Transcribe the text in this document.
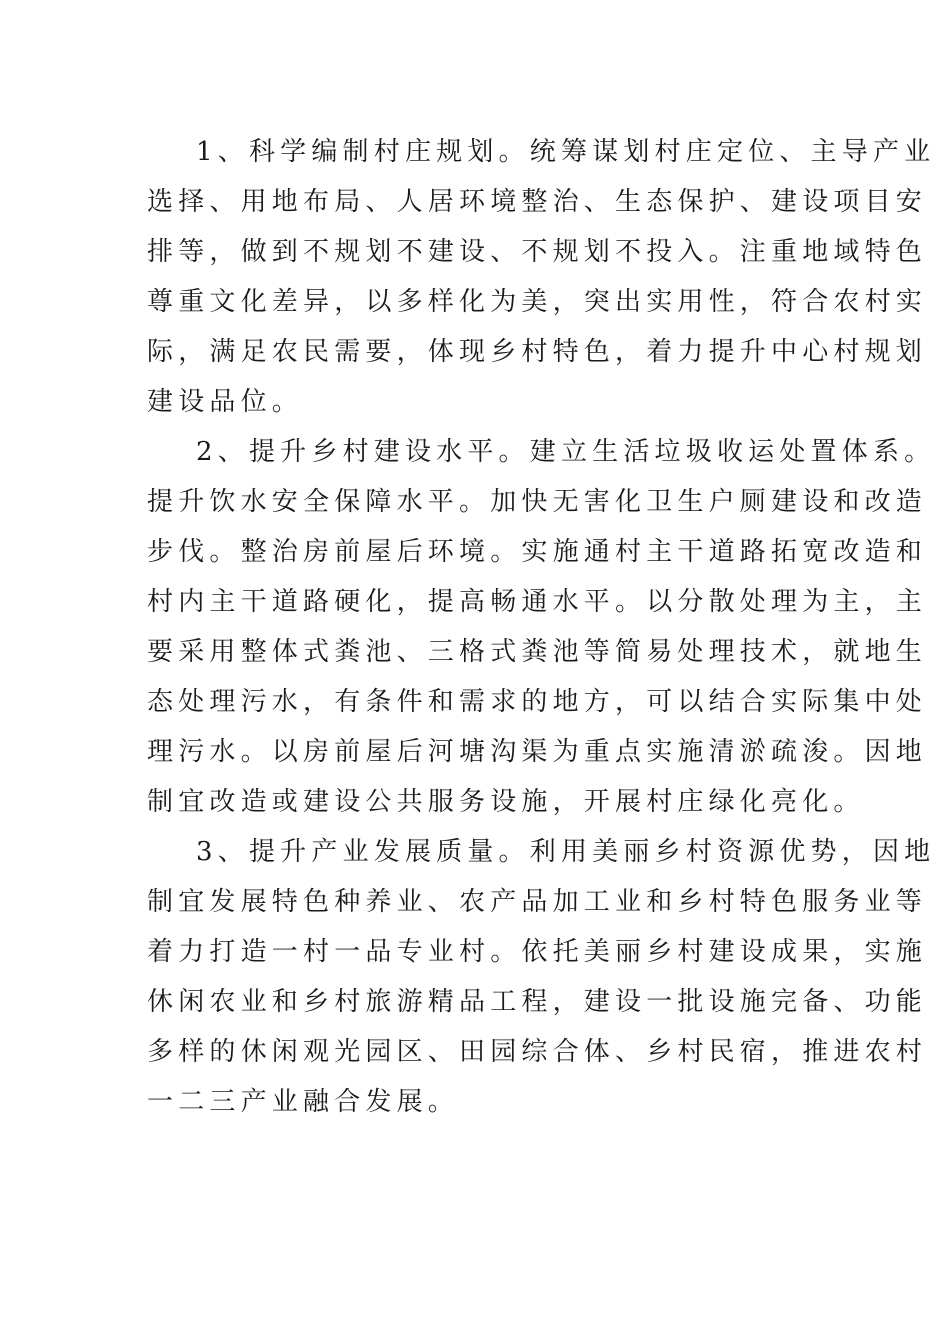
1、科学编制村庄规划。统筹谋划村庄定位、主导产业
选择、用地布局、人居环境整治、生态保护、建设项目安
排等，做到不规划不建设、不规划不投入。注重地域特色
尊重文化差异，以多样化为美，突出实用性，符合农村实
际，满足农民需要，体现乡村特色，着力提升中心村规划
建设品位。
2、提升乡村建设水平。建立生活垃圾收运处置体系。
提升饮水安全保障水平。加快无害化卫生户厕建设和改造
步伐。整治房前屋后环境。实施通村主干道路拓宽改造和
村内主干道路硬化，提高畅通水平。以分散处理为主，主
要采用整体式粪池、三格式粪池等简易处理技术，就地生
态处理污水，有条件和需求的地方，可以结合实际集中处
理污水。以房前屋后河塘沟渠为重点实施清淤疏浚。因地
制宜改造或建设公共服务设施，开展村庄绿化亮化。
3、提升产业发展质量。利用美丽乡村资源优势，因地
制宜发展特色种养业、农产品加工业和乡村特色服务业等
着力打造一村一品专业村。依托美丽乡村建设成果，实施
休闲农业和乡村旅游精品工程，建设一批设施完备、功能
多样的休闲观光园区、田园综合体、乡村民宿，推进农村
一二三产业融合发展。
